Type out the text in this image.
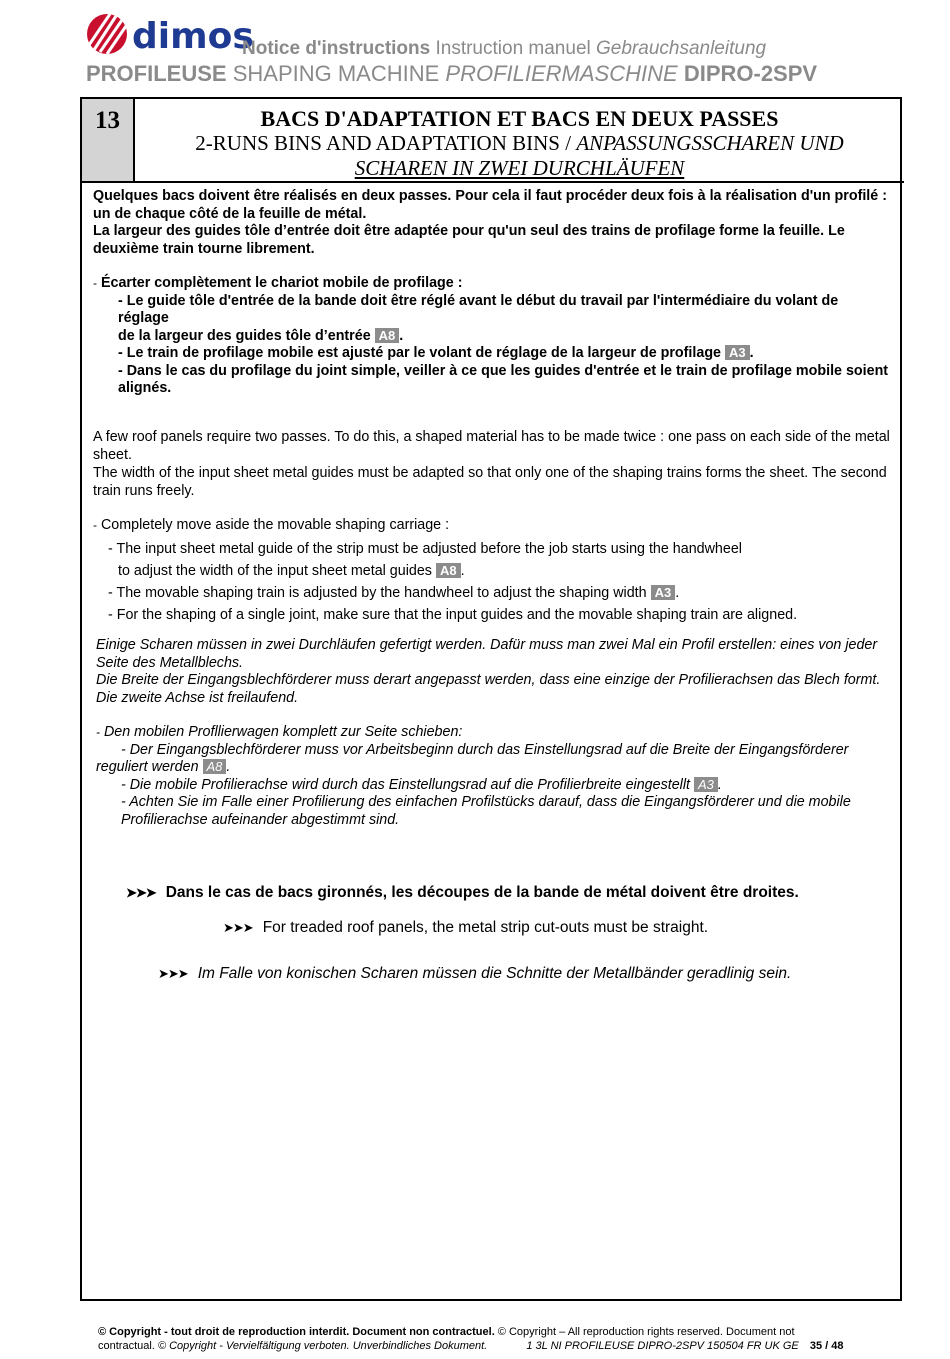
dimos
Notice d'instructions Instruction manuel Gebrauchsanleitung
PROFILEUSE SHAPING MACHINE PROFILIERMASCHINE DIPRO-2SPV
13	BACS D'ADAPTATION ET BACS EN DEUX PASSES
2-RUNS BINS AND ADAPTATION BINS / ANPASSUNGSSCHAREN UND
SCHAREN IN ZWEI DURCHLÄUFEN

Quelques bacs doivent être réalisés en deux passes. Pour cela il faut procéder deux fois à la réalisation d'un profilé : un de chaque côté de la feuille de métal.

La largeur des guides tôle d’entrée doit être adaptée pour qu'un seul des trains de profilage forme la feuille. Le deuxième train tourne librement.

- Écarter complètement le chariot mobile de profilage :

- Le guide tôle d'entrée de la bande doit être réglé avant le début du travail par l'intermédiaire du volant de réglage

de la largeur des guides tôle d’entrée A8 .

- Le train de profilage mobile est ajusté par le volant de réglage de la largeur de profilage A3 .

- Dans le cas du profilage du joint simple, veiller à ce que les guides d'entrée et le train de profilage mobile soient alignés.

A few roof panels require two passes. To do this, a shaped material has to be made twice : one pass on each side of the metal sheet.

The width of the input sheet metal guides must be adapted so that only one of the shaping trains forms the sheet. The second train runs freely.

- Completely move aside the movable shaping carriage :

- The input sheet metal guide of the strip must be adjusted before the job starts using the handwheel

to adjust the width of the input sheet metal guides A8 .

- The movable shaping train is adjusted by the handwheel to adjust the shaping width A3 .

- For the shaping of a single joint, make sure that the input guides and the movable shaping train are aligned.

Einige Scharen müssen in zwei Durchläufen gefertigt werden. Dafür muss man zwei Mal ein Profil erstellen: eines von jeder Seite des Metallblechs.

Die Breite der Eingangsblechförderer muss derart angepasst werden, dass eine einzige der Profilierachsen das Blech formt. Die zweite Achse ist freilaufend.

- Den mobilen Profllierwagen komplett zur Seite schieben:

- Der Eingangsblechförderer muss vor Arbeitsbeginn durch das Einstellungsrad auf die Breite der Eingangsförderer

reguliert werden A8 .

- Die mobile Profilierachse wird durch das Einstellungsrad auf die Profilierbreite eingestellt A3 .

- Achten Sie im Falle einer Profilierung des einfachen Profilstücks darauf, dass die Eingangsförderer und die mobile Profilierachse aufeinander abgestimmt sind.

➤➤➤ Dans le cas de bacs gironnés, les découpes de la bande de métal doivent être droites.
➤➤➤ For treaded roof panels, the metal strip cut-outs must be straight.
➤➤➤ Im Falle von konischen Scharen müssen die Schnitte der Metallbänder geradlinig sein.
© Copyright - tout droit de reproduction interdit. Document non contractuel. © Copyright – All reproduction rights reserved. Document not
contractual. © Copyright - Vervielfältigung verboten. Unverbindliches Dokument.	1 3L NI PROFILEUSE DIPRO-2SPV 150504 FR UK GE 35 / 48
